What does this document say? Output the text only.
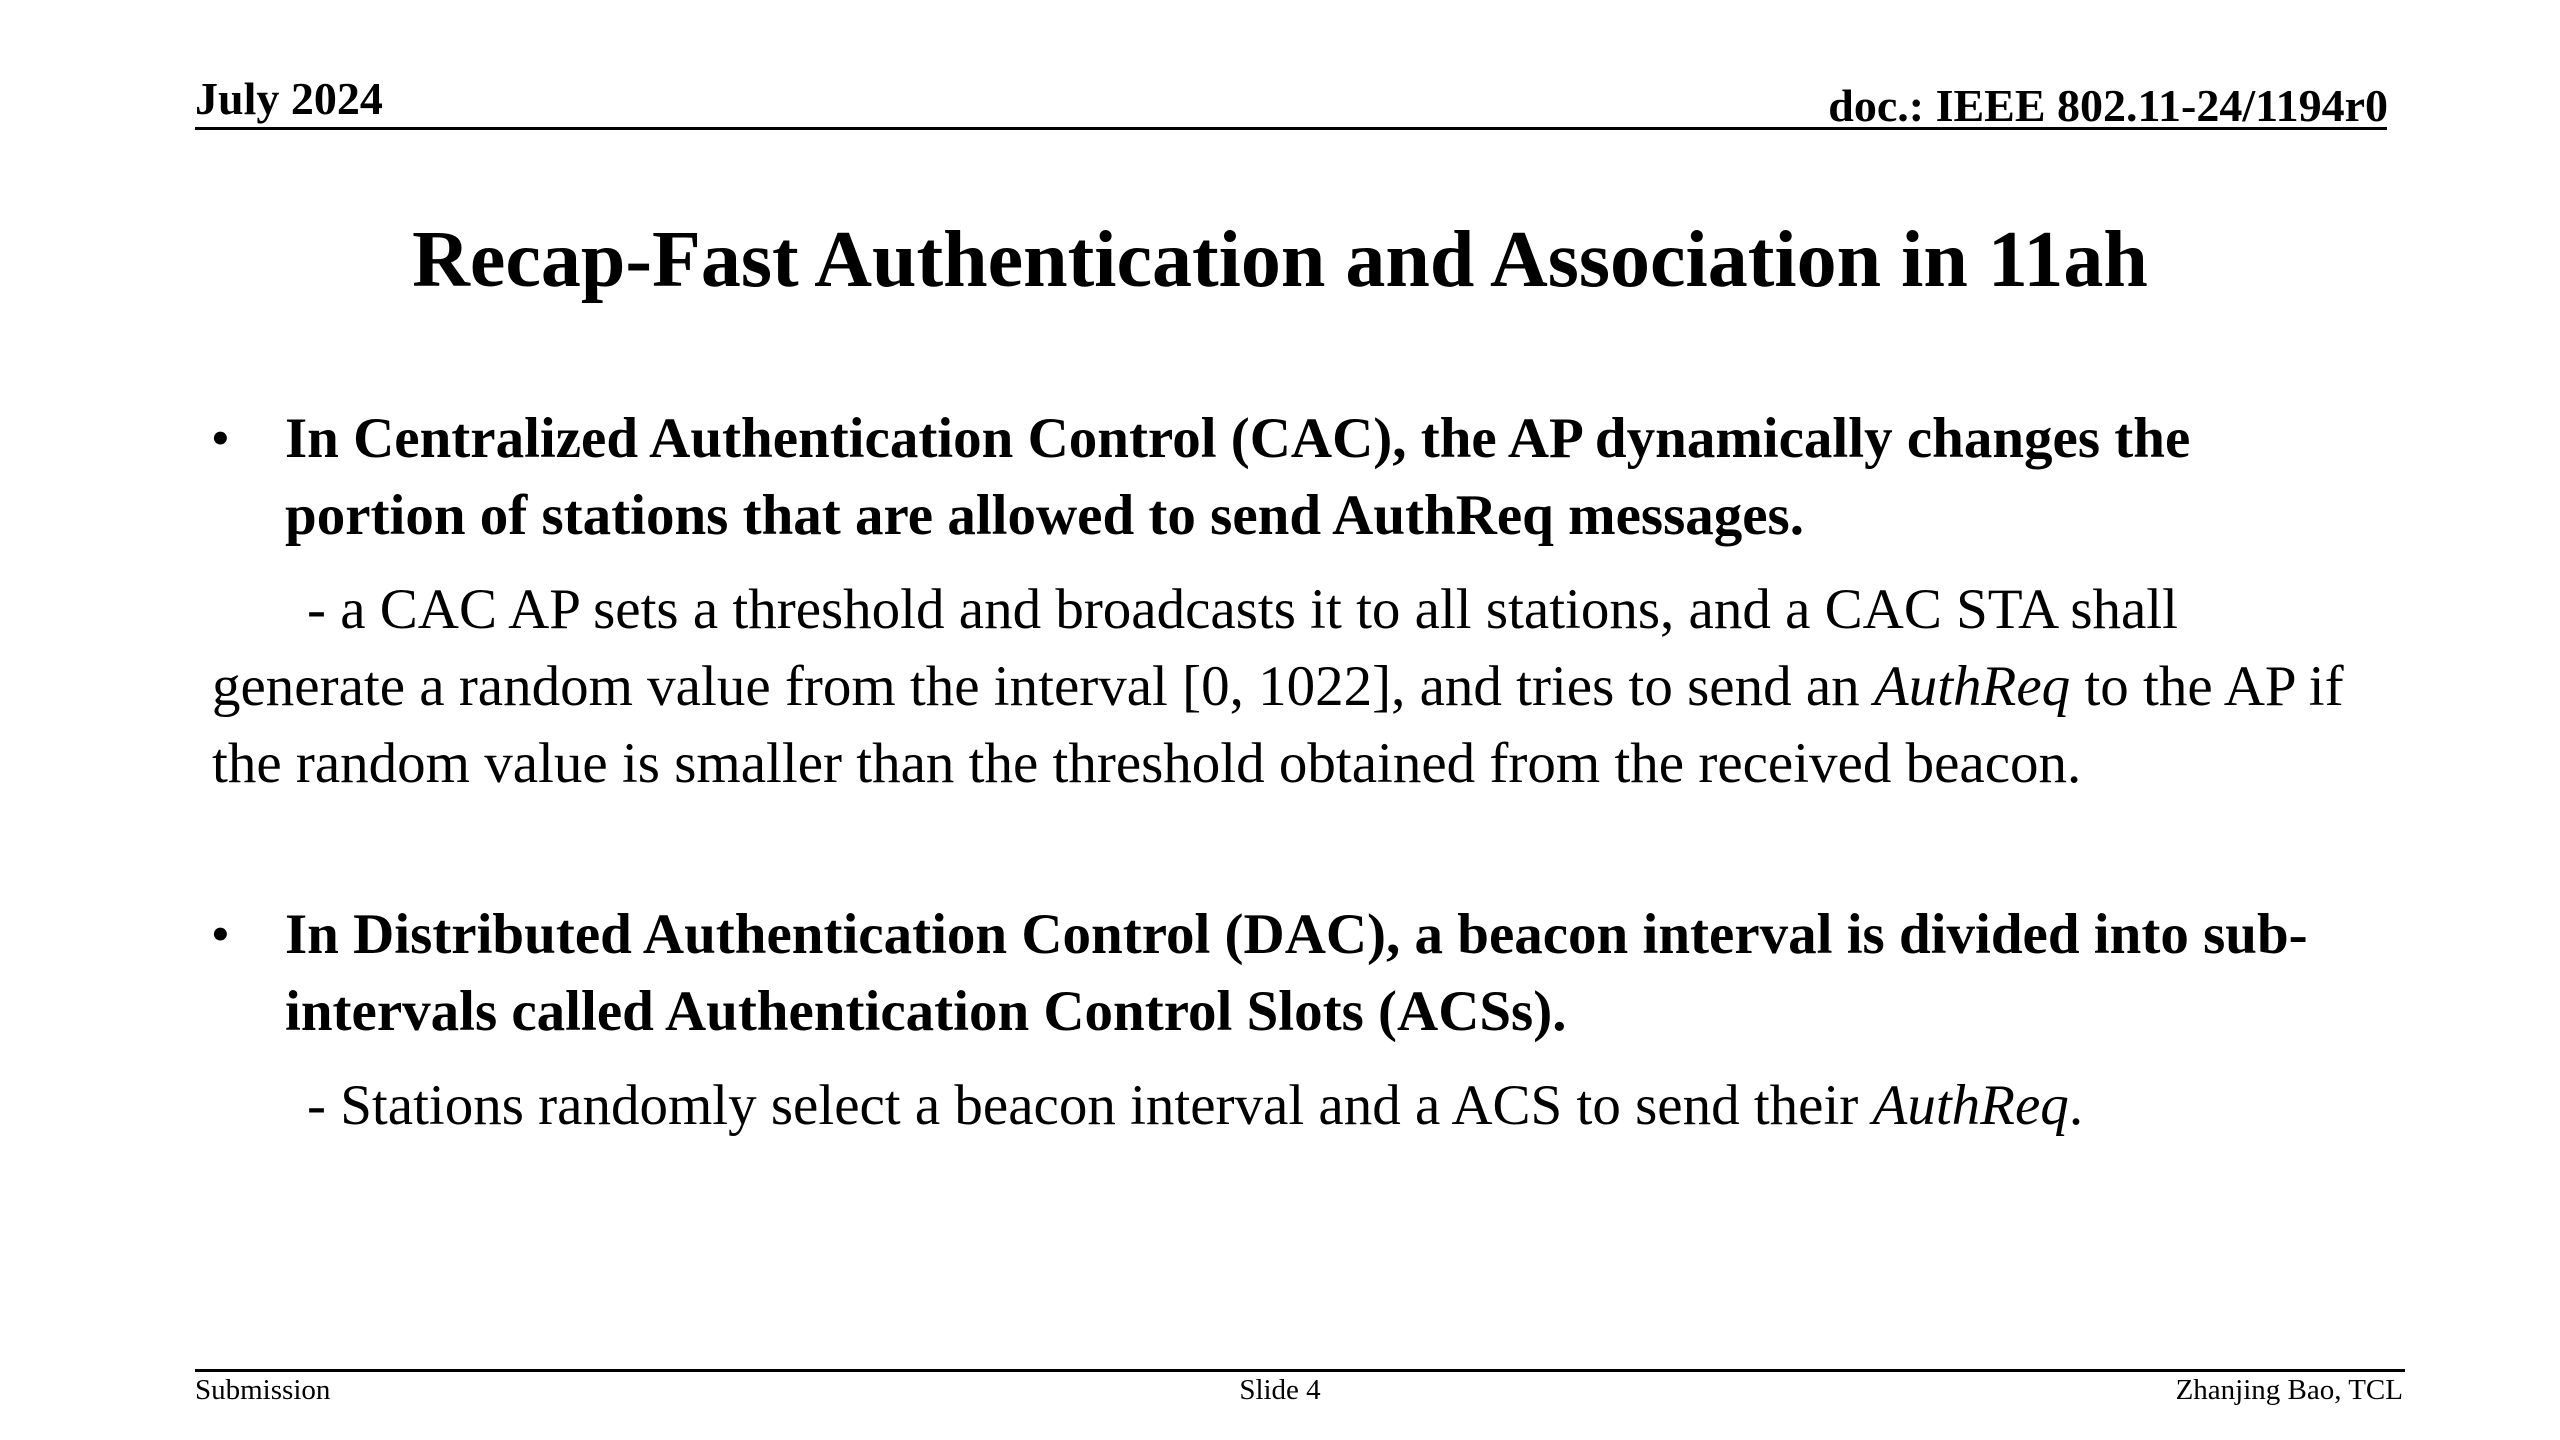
July 2024	doc.: IEEE 802.11-24/1194r0
Recap-Fast Authentication and Association in 11ah
• In Centralized Authentication Control (CAC), the AP dynamically changes the portion of stations that are allowed to send AuthReq messages.
- a CAC AP sets a threshold and broadcasts it to all stations, and a CAC STA shall generate a random value from the interval [0, 1022], and tries to send an AuthReq to the AP if the random value is smaller than the threshold obtained from the received beacon.
• In Distributed Authentication Control (DAC), a beacon interval is divided into sub-intervals called Authentication Control Slots (ACSs).
- Stations randomly select a beacon interval and a ACS to send their AuthReq.
Submission	Slide 4	Zhanjing Bao, TCL
